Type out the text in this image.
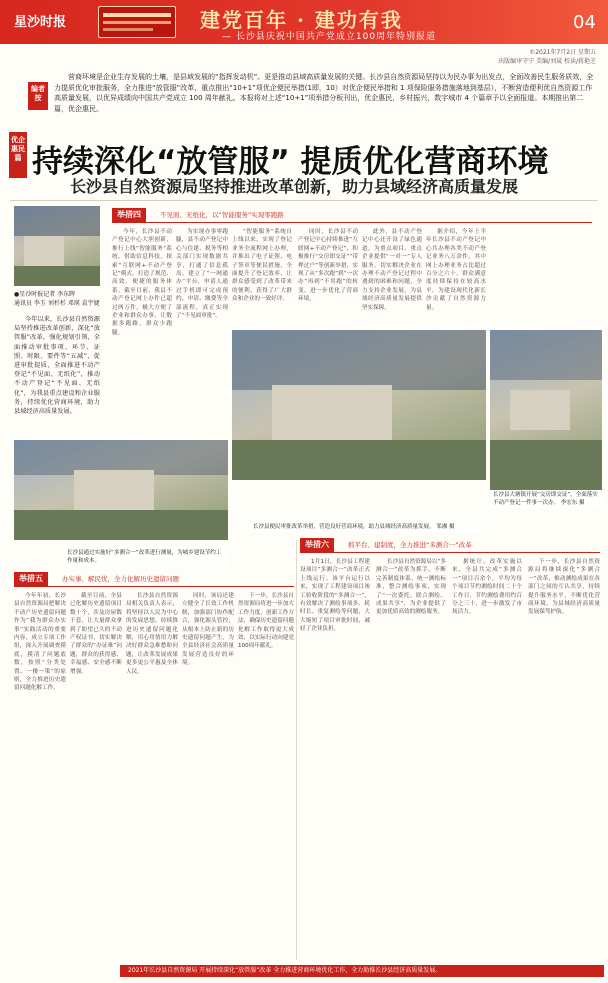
星沙时报	建党百年 · 建功有我
— 长沙县庆祝中国共产党成立100周年特别报道
04
©2021年7月2日 星期五
出版编审守宁 美编/刘晟 校读/蒋艳芝
编者按
营商环境是企业生存发展的土壤，是县域发展的“指挥发动机”。更是推动县域高质量发展的关键。长沙县自然资源局坚持以为民办事为出发点，全面改善民生服务质效，全力提质优化审批服务，全力推进“放管服”改革，重点推出“10+1”项优企便民举措(1即，10）对优企便民举措和 1 项保险服务措施落地到基层），不断营造便利优自然资源工作高质量发展，以优异成绩向中国共产党成立 100 周年献礼。本报将对上述“10+1”项举措分板刊出，优企惠民，乡村振兴，数字城市 4 个篇章予以全面报道。本期推出第二篇，优企惠民。
优企惠民篇 持续深化“放管服” 提质优化营商环境
长沙县自然资源局坚持推进改革创新，助力县域经济高质量发展
●星沙时报记者 李东晖
通讯员 李玉 刘杉杉 邓瑛 袁宇婕
今年以来，长沙县自然资源局坚持推进改革创新，深化“放管服”改革，强化规划引领，全面推动审批事项、环节、证照、时限、要件等“五减”，促进审批提质，全面推进不动产登记“不见面、无纸化”，推动不动产登记“不见面、无纸化”，为我县重点建设和企业服务，持续优化营商环境，助力县域经济高质量发展。
举措四	不见面、无纸化，以“智能服务”实现零跑路
今年，长沙县不动产登记中心大胆创新，推行上线“智能服务”系统，借助信息科技，探索“互联网+不动产登记”模式，打造了规范、高效、便捷的服务体系。截至目前，我县不动产登记网上办件已超过两万件，极大方便了企业和群众办事，让数据多跑路，群众少跑腿。
为实现办事零跑腿，县不动产登记中心与住建、税务等相关部门实现数据共享，打通了信息孤岛，建立了“一网通办”平台，申请人通过手机即可完成预约、申请、缴费等全部流程，真正实现了“不见面审批”。
“智能服务”系统自上线以来，实现了登记业务全流程网上办理，并推出了电子证照、电子签章等便民措施，全面提升了登记效率，让群众感受到了改革带来的便利，获得了广大群众和企业的一致好评。
同时，长沙县不动产登记中心持续推进“互联网+不动产登记”，积极推行“交房即交证”“带押过户”等创新举措，实现了从“多次跑”到“一次办”再到“不用跑”的转变，进一步优化了营商环境。
此外，县不动产登记中心还开设了绿色通道，为重点项目、重点企业提供“一对一”专人服务，切实解决企业在办理不动产登记过程中遇到的困难和问题，全力支持企业发展，为县域经济高质量发展提供坚实保障。
据介绍，今年上半年长沙县不动产登记中心共办理各类不动产登记业务八万余件，其中网上办理业务占比超过百分之六十，群众满意度持续保持在较高水平，为建设现代化新长沙贡献了自然资源力量。
长沙县大塘镇开展“交房即交证”，全面落实不动产登记一件事一次办。 李宏东 摄
长沙县便民审批改革举措，营造良好营商环境，助力县域经济高质量发展。 邹湘 摄
长沙县通过实施好“多测合一”改革进行测量，为城乡建设节约工作量和成本。
举措六	抓平台、建制度，全力推进“多测合一”改革
1月1日，长沙县工程建设项目“多测合一”改革正式上线运行。该平台运行以来，实现了工程建设项目竣工验收阶段的“多测合一”，有效解决了测绘事项多、耗时长、重复测绘等问题，大大缩短了项目审批时间，减轻了企业负担。
长沙县自然资源局以“多测合一”改革为抓手，不断完善制度体系，统一测绘标准，整合测绘事项，实现了“一次委托、联合测绘、成果共享”，为企业提供了更加优质高效的测绘服务。
据统计，改革实施以来，全县共完成“多测合一”项目百余个，平均为每个项目节约测绘时间二十个工作日，节约测绘费用约百分之三十，进一步激发了市场活力。
下一步，长沙县自然资源局将继续深化“多测合一”改革，推动测绘成果在各部门之间的互认共享，持续提升服务水平，不断优化营商环境，为县域经济高质量发展保驾护航。
举措五	办实事、解民忧，全力化解历史遗留问题
今年年初，长沙县自然资源局把解决不动产历史遗留问题作为“我为群众办实事”实践活动的重要内容，成立专项工作组，深入开展调查摸底，摸清了问题底数，按照“分类处置、一楼一策”的原则，全力推进历史遗留问题化解工作。
截至目前，全县已化解历史遗留项目数十个，涉及房屋数千套，让大量群众拿到了盼望已久的不动产权证书，切实解决了群众的“办证难”问题，群众的获得感、幸福感、安全感不断增强。
长沙县自然资源局相关负责人表示，将坚持以人民为中心的发展思想，持续推进历史遗留问题化解，用心用情用力解决好群众急难愁盼问题，让改革发展成果更多更公平惠及全体人民。
同时，该局还建立健全了长效工作机制，加强部门协作配合，强化源头管控，从根本上防止新的历史遗留问题产生，为全县经济社会高质量发展营造良好的环境。
下一步，长沙县自然资源局将进一步加大工作力度，创新工作方法，确保历史遗留问题化解工作取得更大成效，以实际行动向建党100周年献礼。
2021年长沙县自然资源局 开展持续深化“放管服”改革 全力推进营商环境优化工作，全力助推长沙县经济高质量发展。
